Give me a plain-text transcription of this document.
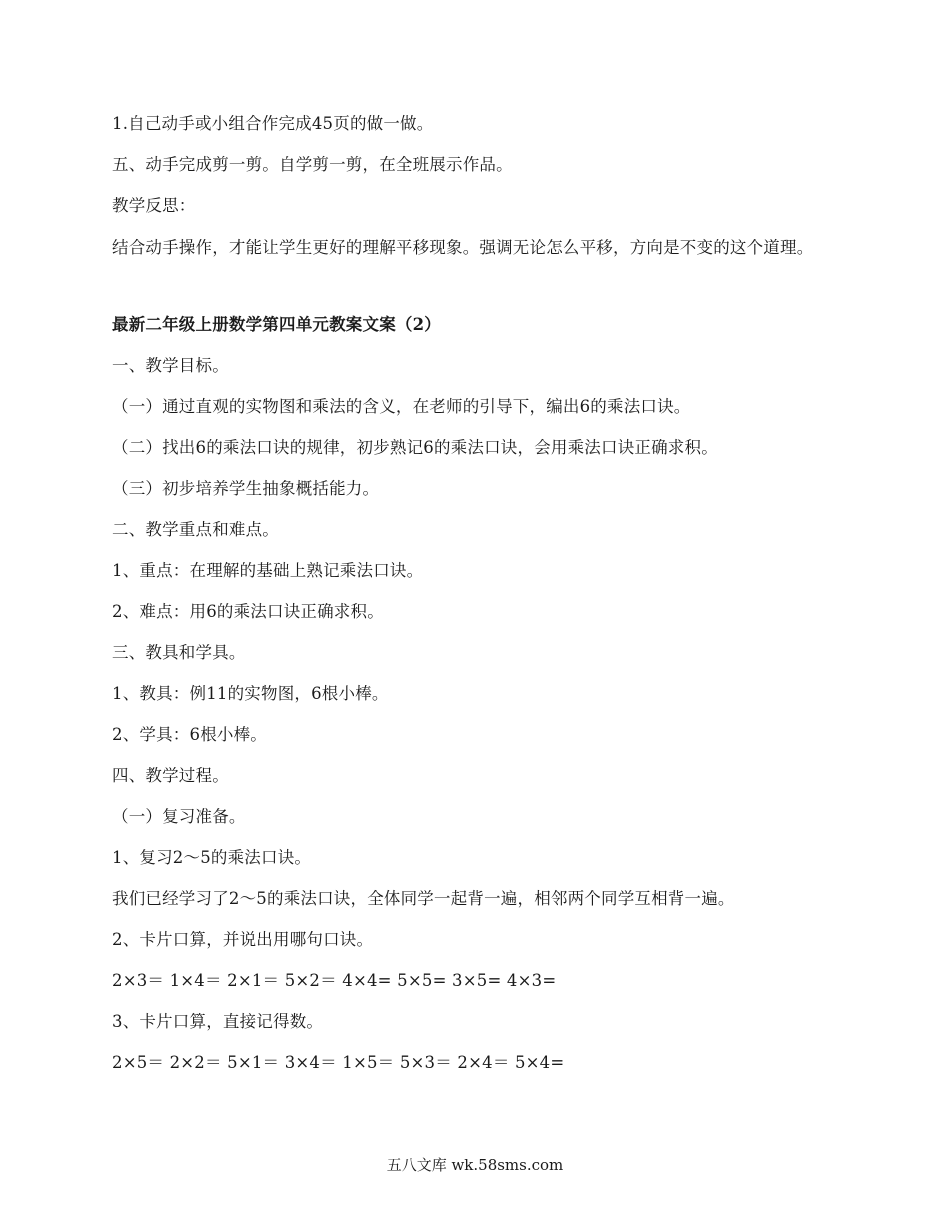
1.自己动手或小组合作完成45页的做一做。

五、动手完成剪一剪。自学剪一剪，在全班展示作品。

教学反思：

结合动手操作，才能让学生更好的理解平移现象。强调无论怎么平移，方向是不变的这个道理。

最新二年级上册数学第四单元教案文案（2）

一、教学目标。

（一）通过直观的实物图和乘法的含义，在老师的引导下，编出6的乘法口诀。

（二）找出6的乘法口诀的规律，初步熟记6的乘法口诀，会用乘法口诀正确求积。

（三）初步培养学生抽象概括能力。

二、教学重点和难点。

1、重点：在理解的基础上熟记乘法口诀。

2、难点：用6的乘法口诀正确求积。

三、教具和学具。

1、教具：例11的实物图，6根小棒。

2、学具：6根小棒。

四、教学过程。

（一）复习准备。

1、复习2～5的乘法口诀。

我们已经学习了2～5的乘法口诀，全体同学一起背一遍，相邻两个同学互相背一遍。

2、卡片口算，并说出用哪句口诀。

2×3＝ 1×4＝ 2×1＝ 5×2＝ 4×4= 5×5= 3×5= 4×3=

3、卡片口算，直接记得数。

2×5＝ 2×2＝ 5×1＝ 3×4＝ 1×5＝ 5×3＝ 2×4＝ 5×4=

五八文库 wk.58sms.com
